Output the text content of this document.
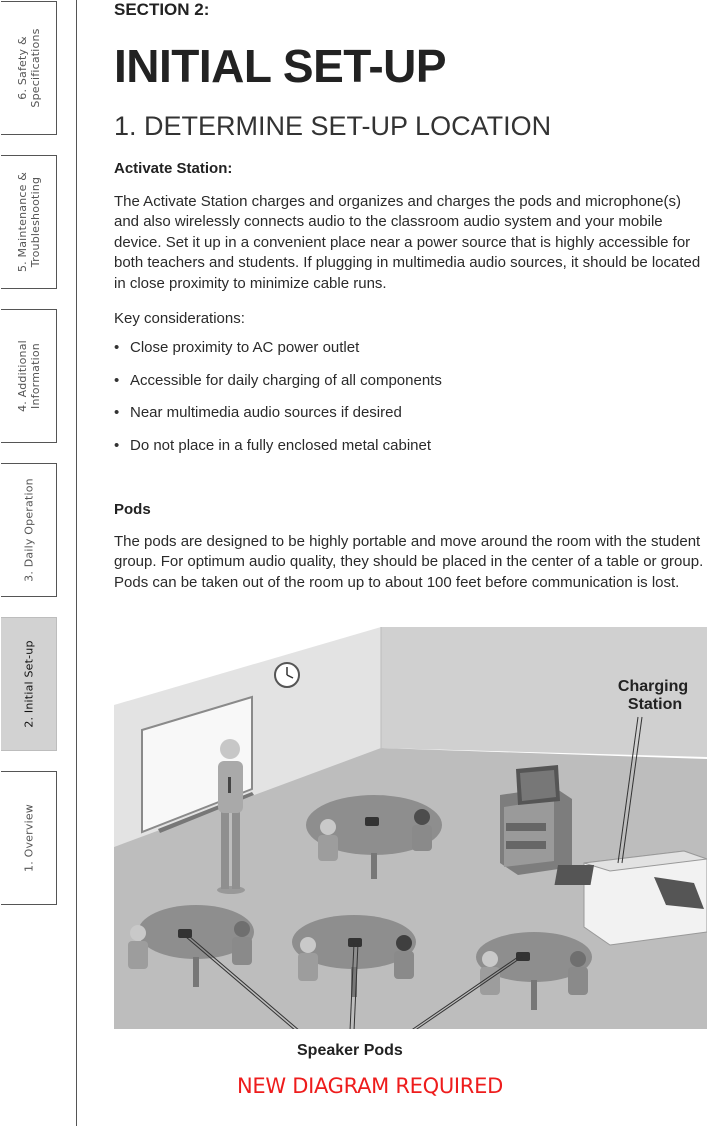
6. Safety &
Specifications
5. Maintenance &
Troubleshooting
4. Additional
Information
3. Daily Operation
2. Initial Set-up
1. Overview
SECTION 2:
INITIAL SET-UP
1. DETERMINE SET-UP LOCATION
Activate Station:
The Activate Station charges and organizes and charges the pods and microphone(s) and also wirelessly connects audio to the classroom audio system and your mobile device. Set it up in a convenient place near a power source that is highly accessible for both teachers and students. If plugging in multimedia audio sources, it should be located in close proximity to minimize cable runs.
Key considerations:
• Close proximity to AC power outlet
• Accessible for daily charging of all components
• Near multimedia audio sources if desired
• Do not place in a fully enclosed metal cabinet
Pods
The pods are designed to be highly portable and move around the room with the student group. For optimum audio quality, they should be placed in the center of a table or group. Pods can be taken out of the room up to about 100 feet before communication is lost.
Charging
Station
Speaker Pods
NEW DIAGRAM REQUIRED
